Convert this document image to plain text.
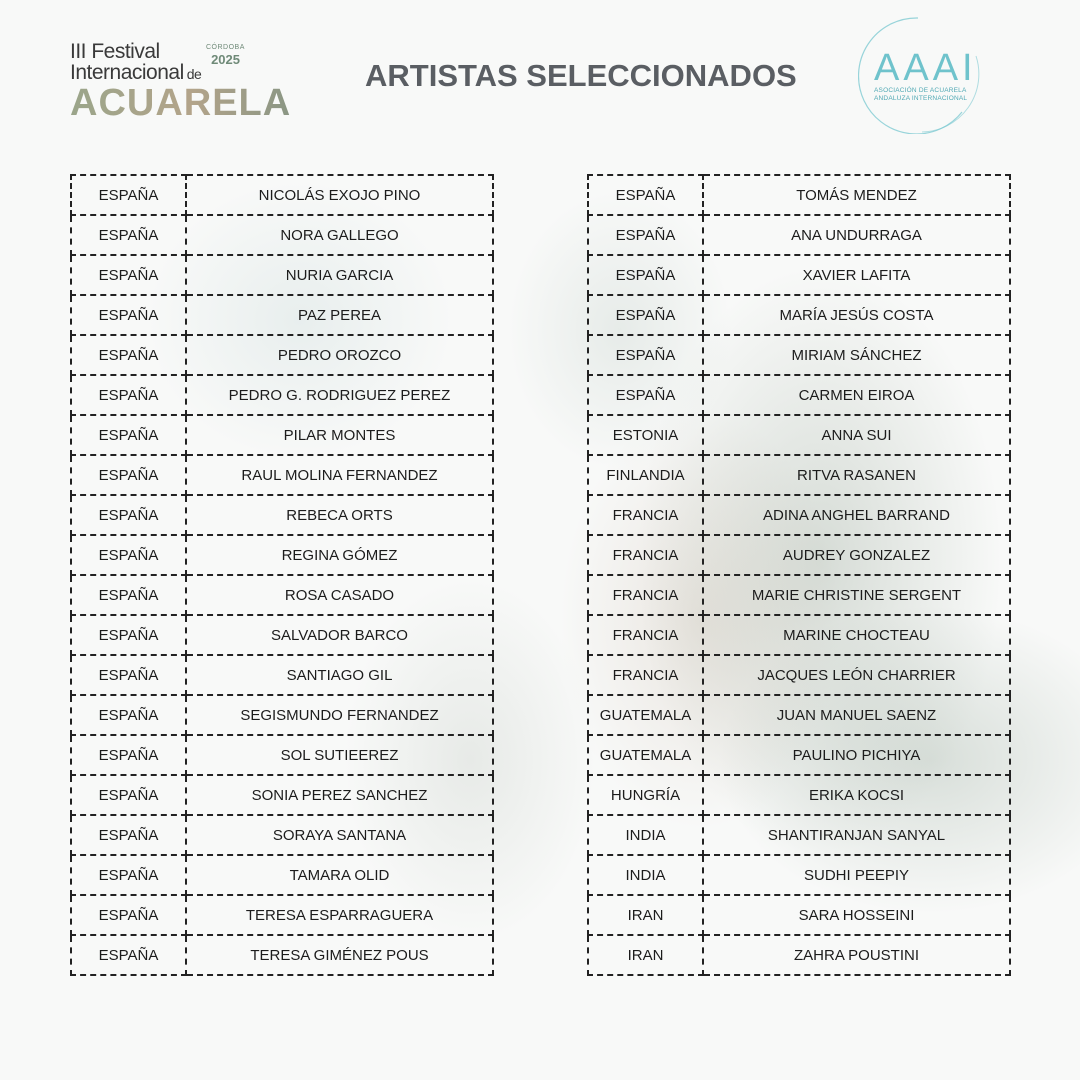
III Festival
Internacional de
ACUARELA
CÓRDOBA
2025	ARTISTAS SELECCIONADOS AAAI
ASOCIACIÓN DE ACUARELA
ANDALUZA INTERNACIONAL
ESPAÑA	NICOLÁS EXOJO PINO
ESPAÑA	NORA GALLEGO
ESPAÑA	NURIA GARCIA
ESPAÑA	PAZ PEREA
ESPAÑA	PEDRO OROZCO
ESPAÑA	PEDRO G. RODRIGUEZ PEREZ
ESPAÑA	PILAR MONTES
ESPAÑA	RAUL MOLINA FERNANDEZ
ESPAÑA	REBECA ORTS
ESPAÑA	REGINA GÓMEZ
ESPAÑA	ROSA CASADO
ESPAÑA	SALVADOR BARCO
ESPAÑA	SANTIAGO GIL
ESPAÑA	SEGISMUNDO FERNANDEZ
ESPAÑA	SOL SUTIEEREZ
ESPAÑA	SONIA PEREZ SANCHEZ
ESPAÑA	SORAYA SANTANA
ESPAÑA	TAMARA OLID
ESPAÑA	TERESA ESPARRAGUERA
ESPAÑA	TERESA GIMÉNEZ POUS
ESPAÑA	TOMÁS MENDEZ
ESPAÑA	ANA UNDURRAGA
ESPAÑA	XAVIER LAFITA
ESPAÑA	MARÍA JESÚS COSTA
ESPAÑA	MIRIAM SÁNCHEZ
ESPAÑA	CARMEN EIROA
ESTONIA	ANNA SUI
FINLANDIA	RITVA RASANEN
FRANCIA	ADINA ANGHEL BARRAND
FRANCIA	AUDREY GONZALEZ
FRANCIA	MARIE CHRISTINE SERGENT
FRANCIA	MARINE CHOCTEAU
FRANCIA	JACQUES LEÓN CHARRIER
GUATEMALA	JUAN MANUEL SAENZ
GUATEMALA	PAULINO PICHIYA
HUNGRÍA	ERIKA KOCSI
INDIA	SHANTIRANJAN SANYAL
INDIA	SUDHI PEEPIY
IRAN	SARA HOSSEINI
IRAN	ZAHRA POUSTINI
